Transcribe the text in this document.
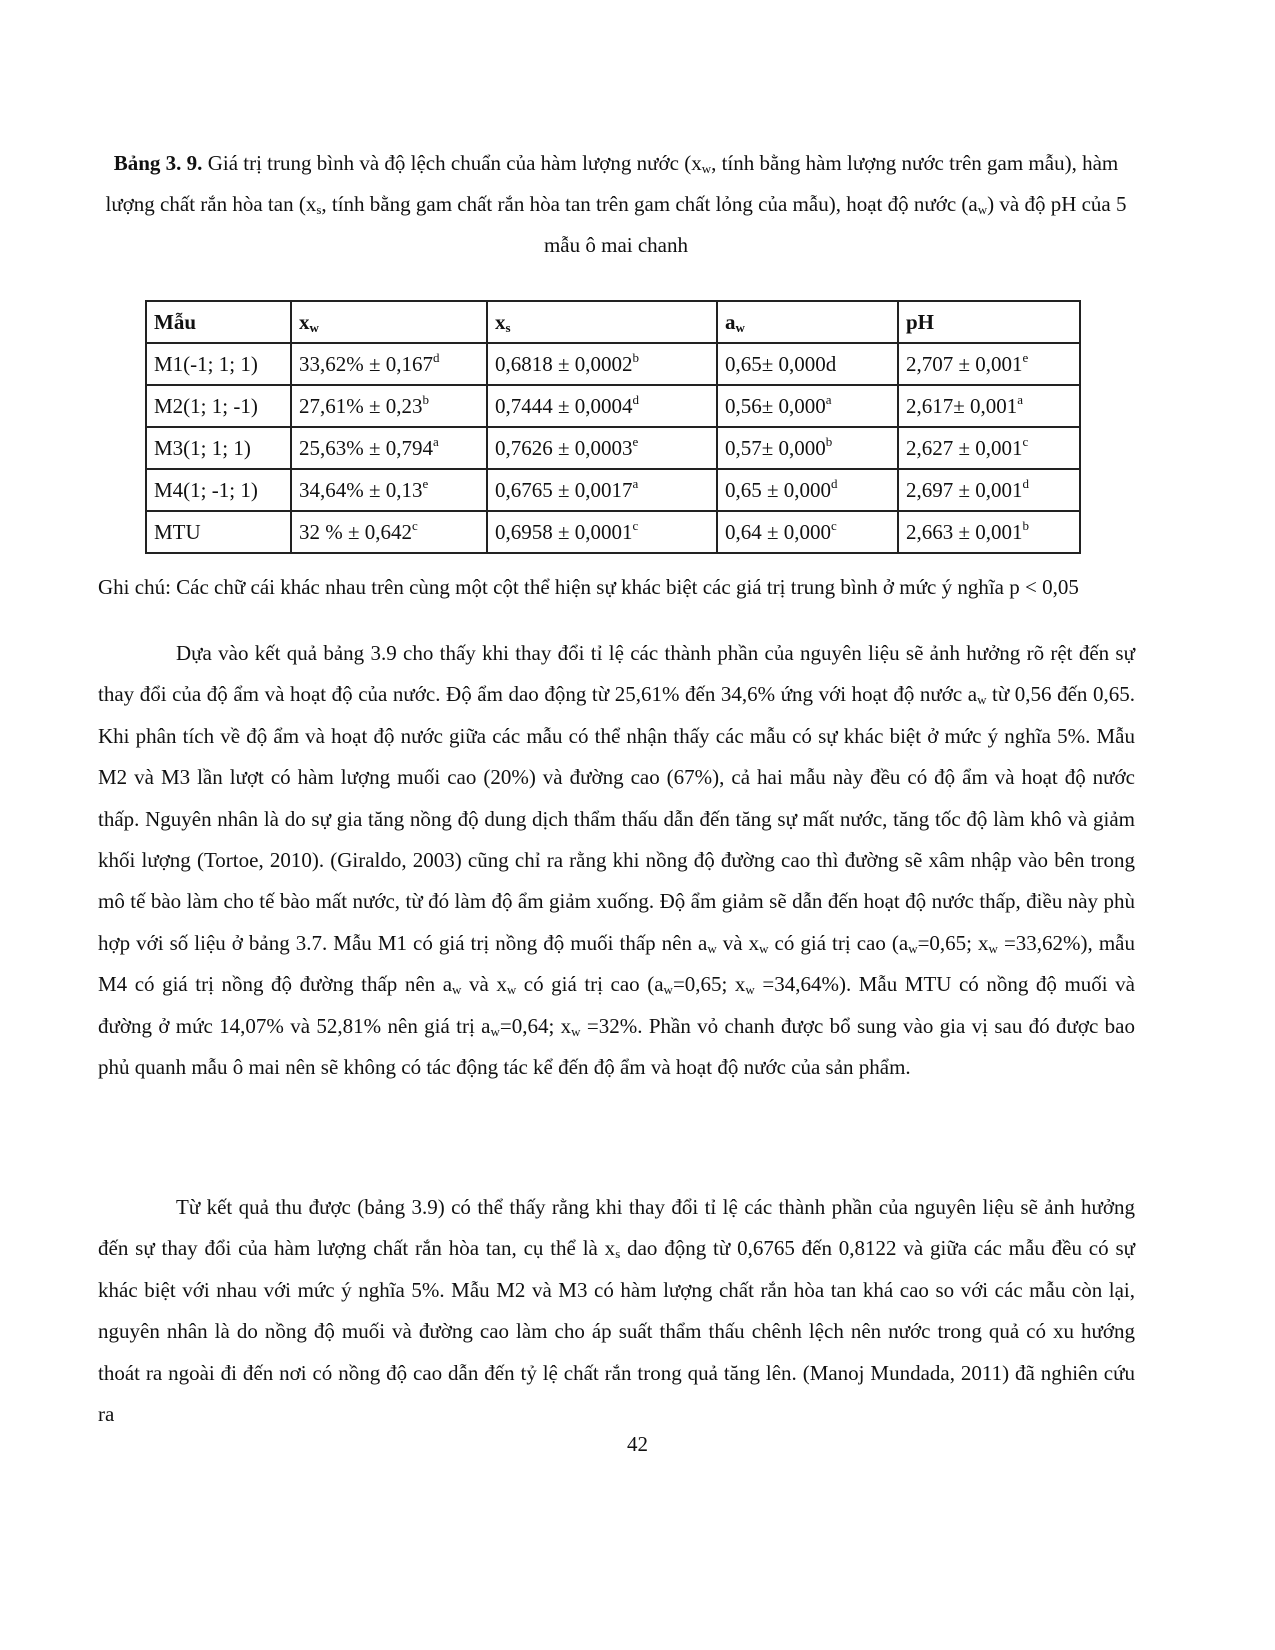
Bảng 3. 9. Giá trị trung bình và độ lệch chuẩn của hàm lượng nước ($x_w$, tính bằng hàm lượng nước trên gam mẫu), hàm lượng chất rắn hòa $\tan (x_s$, tính bằng gam chất rắn hòa tan trên gam chất lỏng của mẫu), hoạt độ nước $(a_w)$ và độ pH của 5 mẫu ô mai chanh
Mẫu	$x_w$	$x_s$	$a_w$	pH
M1(-1; 1; 1)	33,62% ± 0,167$^d$	0,6818 ± 0,0002$^b$	0,65± 0,000d	2,707 ± 0,001$^e$
M2(1; 1; -1)	27,61% ± 0,23$^b$	0,7444 ± 0,0004$^d$	0,56± 0,000$^a$	2,617± 0,001$^a$
M3(1; 1; 1)	25,63% ± 0,794$^a$	0,7626 ± 0,0003$^e$	0,57± 0,000$^b$	2,627 ± 0,001$^c$
M4(1; -1; 1)	34,64% ± 0,13$^e$	0,6765 ± 0,0017$^a$	0,65 ± 0,000$^d$	2,697 ± 0,001$^d$
MTU	32 % ± 0,642$^c$	0,6958 ± 0,0001$^c$	0,64 ± 0,000$^c$	2,663 ± 0,001$^b$
Ghi chú: Các chữ cái khác nhau trên cùng một cột thể hiện sự khác biệt các giá trị trung bình ở mức ý nghĩa p < 0,05

Dựa vào kết quả bảng 3.9 cho thấy khi thay đổi tỉ lệ các thành phần của nguyên liệu sẽ ảnh hưởng rõ rệt đến sự thay đổi của độ ẩm và hoạt độ của nước. Độ ẩm dao động từ 25,61% đến 34,6% ứng với hoạt độ nước $a_w$ từ 0,56 đến 0,65. Khi phân tích về độ ẩm và hoạt độ nước giữa các mẫu có thể nhận thấy các mẫu có sự khác biệt ở mức ý nghĩa 5%. Mẫu M2 và M3 lần lượt có hàm lượng muối cao (20%) và đường cao (67%), cả hai mẫu này đều có độ ẩm và hoạt độ nước thấp. Nguyên nhân là do sự gia tăng nồng độ dung dịch thẩm thấu dẫn đến tăng sự mất nước, tăng tốc độ làm khô và giảm khối lượng (Tortoe, 2010). (Giraldo, 2003) cũng chỉ ra rằng khi nồng độ đường cao thì đường sẽ xâm nhập vào bên trong mô tế bào làm cho tế bào mất nước, từ đó làm độ ẩm giảm xuống. Độ ẩm giảm sẽ dẫn đến hoạt độ nước thấp, điều này phù hợp với số liệu ở bảng 3.7. Mẫu M1 có giá trị nồng độ muối thấp nên $a_w$ và $x_w$ có giá trị cao ($a_w=0,65$; $x_w =33,62\%$), mẫu M4 có giá trị nồng độ đường thấp nên $a_w$ và $x_w$ có giá trị cao ($a_w=0,65$; $x_w =34,64\%$). Mẫu MTU có nồng độ muối và đường ở mức 14,07% và 52,81% nên giá trị $a_w=0,64$; $x_w =32\%$. Phần vỏ chanh được bổ sung vào gia vị sau đó được bao phủ quanh mẫu ô mai nên sẽ không có tác động tác kể đến độ ẩm và hoạt độ nước của sản phẩm.

Từ kết quả thu được (bảng 3.9) có thể thấy rằng khi thay đổi tỉ lệ các thành phần của nguyên liệu sẽ ảnh hưởng đến sự thay đổi của hàm lượng chất rắn hòa tan, cụ thể là $x_s$ dao động từ 0,6765 đến 0,8122 và giữa các mẫu đều có sự khác biệt với nhau với mức ý nghĩa 5%. Mẫu M2 và M3 có hàm lượng chất rắn hòa tan khá cao so với các mẫu còn lại, nguyên nhân là do nồng độ muối và đường cao làm cho áp suất thẩm thấu chênh lệch nên nước trong quả có xu hướng thoát ra ngoài đi đến nơi có nồng độ cao dẫn đến tỷ lệ chất rắn trong quả tăng lên. (Manoj Mundada, 2011) đã nghiên cứu ra

42
